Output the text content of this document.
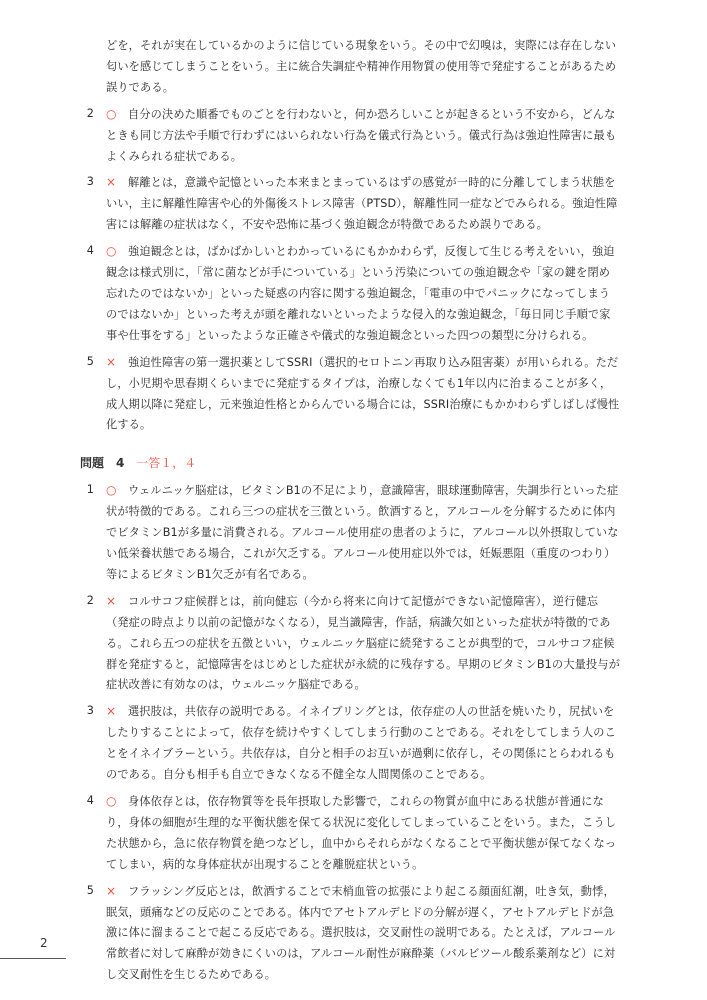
どを，それが実在しているかのように信じている現象をいう。その中で幻嗅は，実際には存在しない匂いを感じてしまうことをいう。主に統合失調症や精神作用物質の使用等で発症することがあるため誤りである。
2 ○ 自分の決めた順番でものごとを行わないと，何か恐ろしいことが起きるという不安から，どんなときも同じ方法や手順で行わずにはいられない行為を儀式行為という。儀式行為は強迫性障害に最もよくみられる症状である。
3 × 解離とは，意識や記憶といった本来まとまっているはずの感覚が一時的に分離してしまう状態をいい，主に解離性障害や心的外傷後ストレス障害（PTSD），解離性同一症などでみられる。強迫性障害には解離の症状はなく，不安や恐怖に基づく強迫観念が特徴であるため誤りである。
4 ○ 強迫観念とは，ばかばかしいとわかっているにもかかわらず，反復して生じる考えをいい，強迫観念は様式別に，「常に菌などが手についている」という汚染についての強迫観念や「家の鍵を閉め忘れたのではないか」といった疑惑の内容に関する強迫観念，「電車の中でパニックになってしまうのではないか」といった考えが頭を離れないといったような侵入的な強迫観念，「毎日同じ手順で家事や仕事をする」といったような正確さや儀式的な強迫観念といった四つの類型に分けられる。
5 × 強迫性障害の第一選択薬としてSSRI（選択的セロトニン再取り込み阻害薬）が用いられる。ただし，小児期や思春期くらいまでに発症するタイプは，治療しなくても1年以内に治まることが多く，成人期以降に発症し，元来強迫性格とからんでいる場合には，SSRI治療にもかかわらずしばしば慢性化する。
問題　4 一答１，４
1 ○ ウェルニッケ脳症は，ビタミンB1の不足により，意識障害，眼球運動障害，失調歩行といった症状が特徴的である。これら三つの症状を三徴という。飲酒すると，アルコールを分解するために体内でビタミンB1が多量に消費される。アルコール使用症の患者のように，アルコール以外摂取していない低栄養状態である場合，これが欠乏する。アルコール使用症以外では，妊娠悪阻（重度のつわり）等によるビタミンB1欠乏が有名である。
2 × コルサコフ症候群とは，前向健忘（今から将来に向けて記憶ができない記憶障害），逆行健忘（発症の時点より以前の記憶がなくなる），見当識障害，作話，病識欠如といった症状が特徴的である。これら五つの症状を五徴といい，ウェルニッケ脳症に続発することが典型的で，コルサコフ症候群を発症すると，記憶障害をはじめとした症状が永続的に残存する。早期のビタミンB1の大量投与が症状改善に有効なのは，ウェルニッケ脳症である。
3 × 選択肢は，共依存の説明である。イネイブリングとは，依存症の人の世話を焼いたり，尻拭いをしたりすることによって，依存を続けやすくしてしまう行動のことである。それをしてしまう人のことをイネイブラーという。共依存は，自分と相手のお互いが過剰に依存し，その関係にとらわれるものである。自分も相手も自立できなくなる不健全な人間関係のことである。
4 ○ 身体依存とは，依存物質等を長年摂取した影響で，これらの物質が血中にある状態が普通になり，身体の細胞が生理的な平衡状態を保てる状況に変化してしまっていることをいう。また，こうした状態から，急に依存物質を絶つなどし，血中からそれらがなくなることで平衡状態が保てなくなってしまい，病的な身体症状が出現することを離脱症状という。
5 × フラッシング反応とは，飲酒することで末梢血管の拡張により起こる顔面紅潮，吐き気，動悸，眠気，頭痛などの反応のことである。体内でアセトアルデヒドの分解が遅く，アセトアルデヒドが急激に体に溜まることで起こる反応である。選択肢は，交叉耐性の説明である。たとえば，アルコール常飲者に対して麻酔が効きにくいのは，アルコール耐性が麻酔薬（バルビツール酸系薬剤など）に対し交叉耐性を生じるためである。
2
